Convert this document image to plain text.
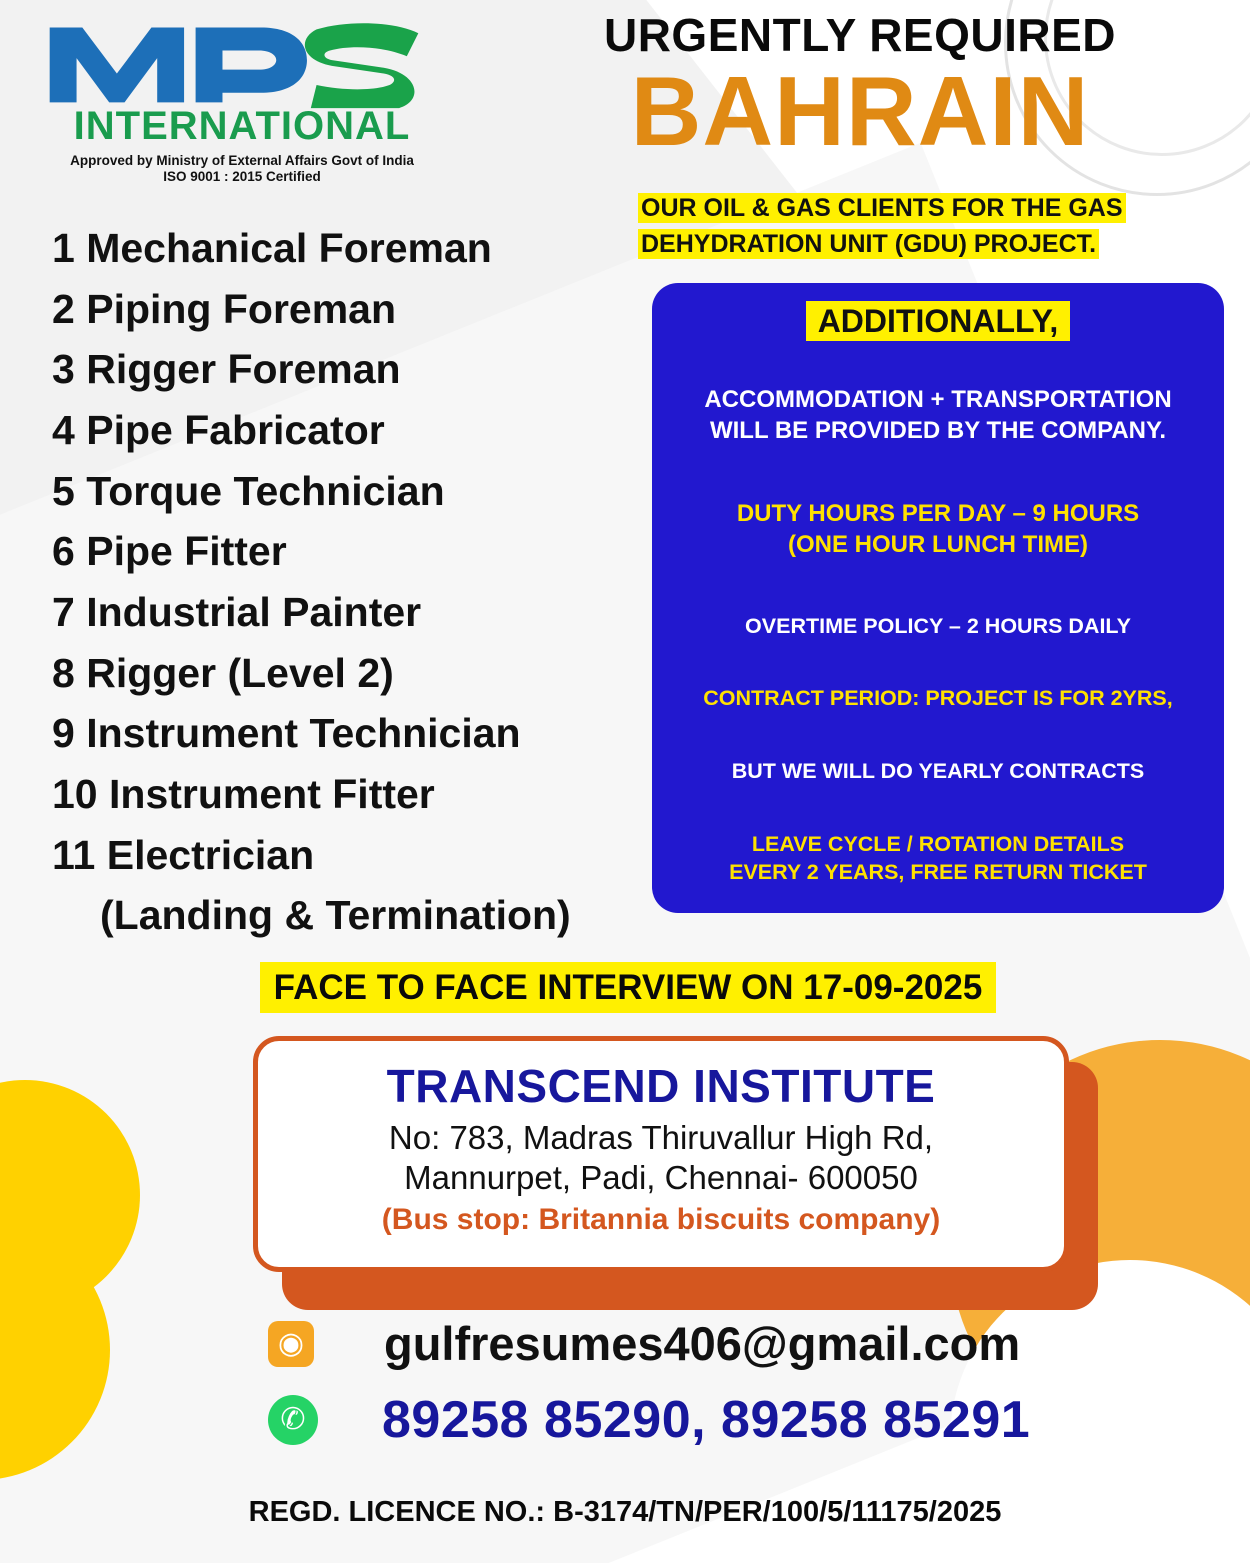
INTERNATIONAL
Approved by Ministry of External Affairs Govt of India
ISO 9001 : 2015 Certified
URGENTLY REQUIRED
BAHRAIN
OUR OIL & GAS CLIENTS FOR THE GAS DEHYDRATION UNIT (GDU) PROJECT.
1 Mechanical Foreman
2 Piping Foreman
3 Rigger Foreman
4 Pipe Fabricator
5 Torque Technician
6 Pipe Fitter
7 Industrial Painter
8 Rigger (Level 2)
9 Instrument Technician
10 Instrument Fitter
11 Electrician
(Landing & Termination)
ADDITIONALLY,
ACCOMMODATION + TRANSPORTATION
WILL BE PROVIDED BY THE COMPANY.
DUTY HOURS PER DAY – 9 HOURS
(ONE HOUR LUNCH TIME)
OVERTIME POLICY – 2 HOURS DAILY
CONTRACT PERIOD: PROJECT IS FOR 2YRS,
BUT WE WILL DO YEARLY CONTRACTS
LEAVE CYCLE / ROTATION DETAILS
EVERY 2 YEARS, FREE RETURN TICKET
FACE TO FACE INTERVIEW ON 17-09-2025
TRANSCEND INSTITUTE
No: 783, Madras Thiruvallur High Rd,
Mannurpet, Padi, Chennai- 600050
(Bus stop: Britannia biscuits company)
◉ gulfresumes406@gmail.com
✆ 89258 85290, 89258 85291
REGD. LICENCE NO.: B-3174/TN/PER/100/5/11175/2025
